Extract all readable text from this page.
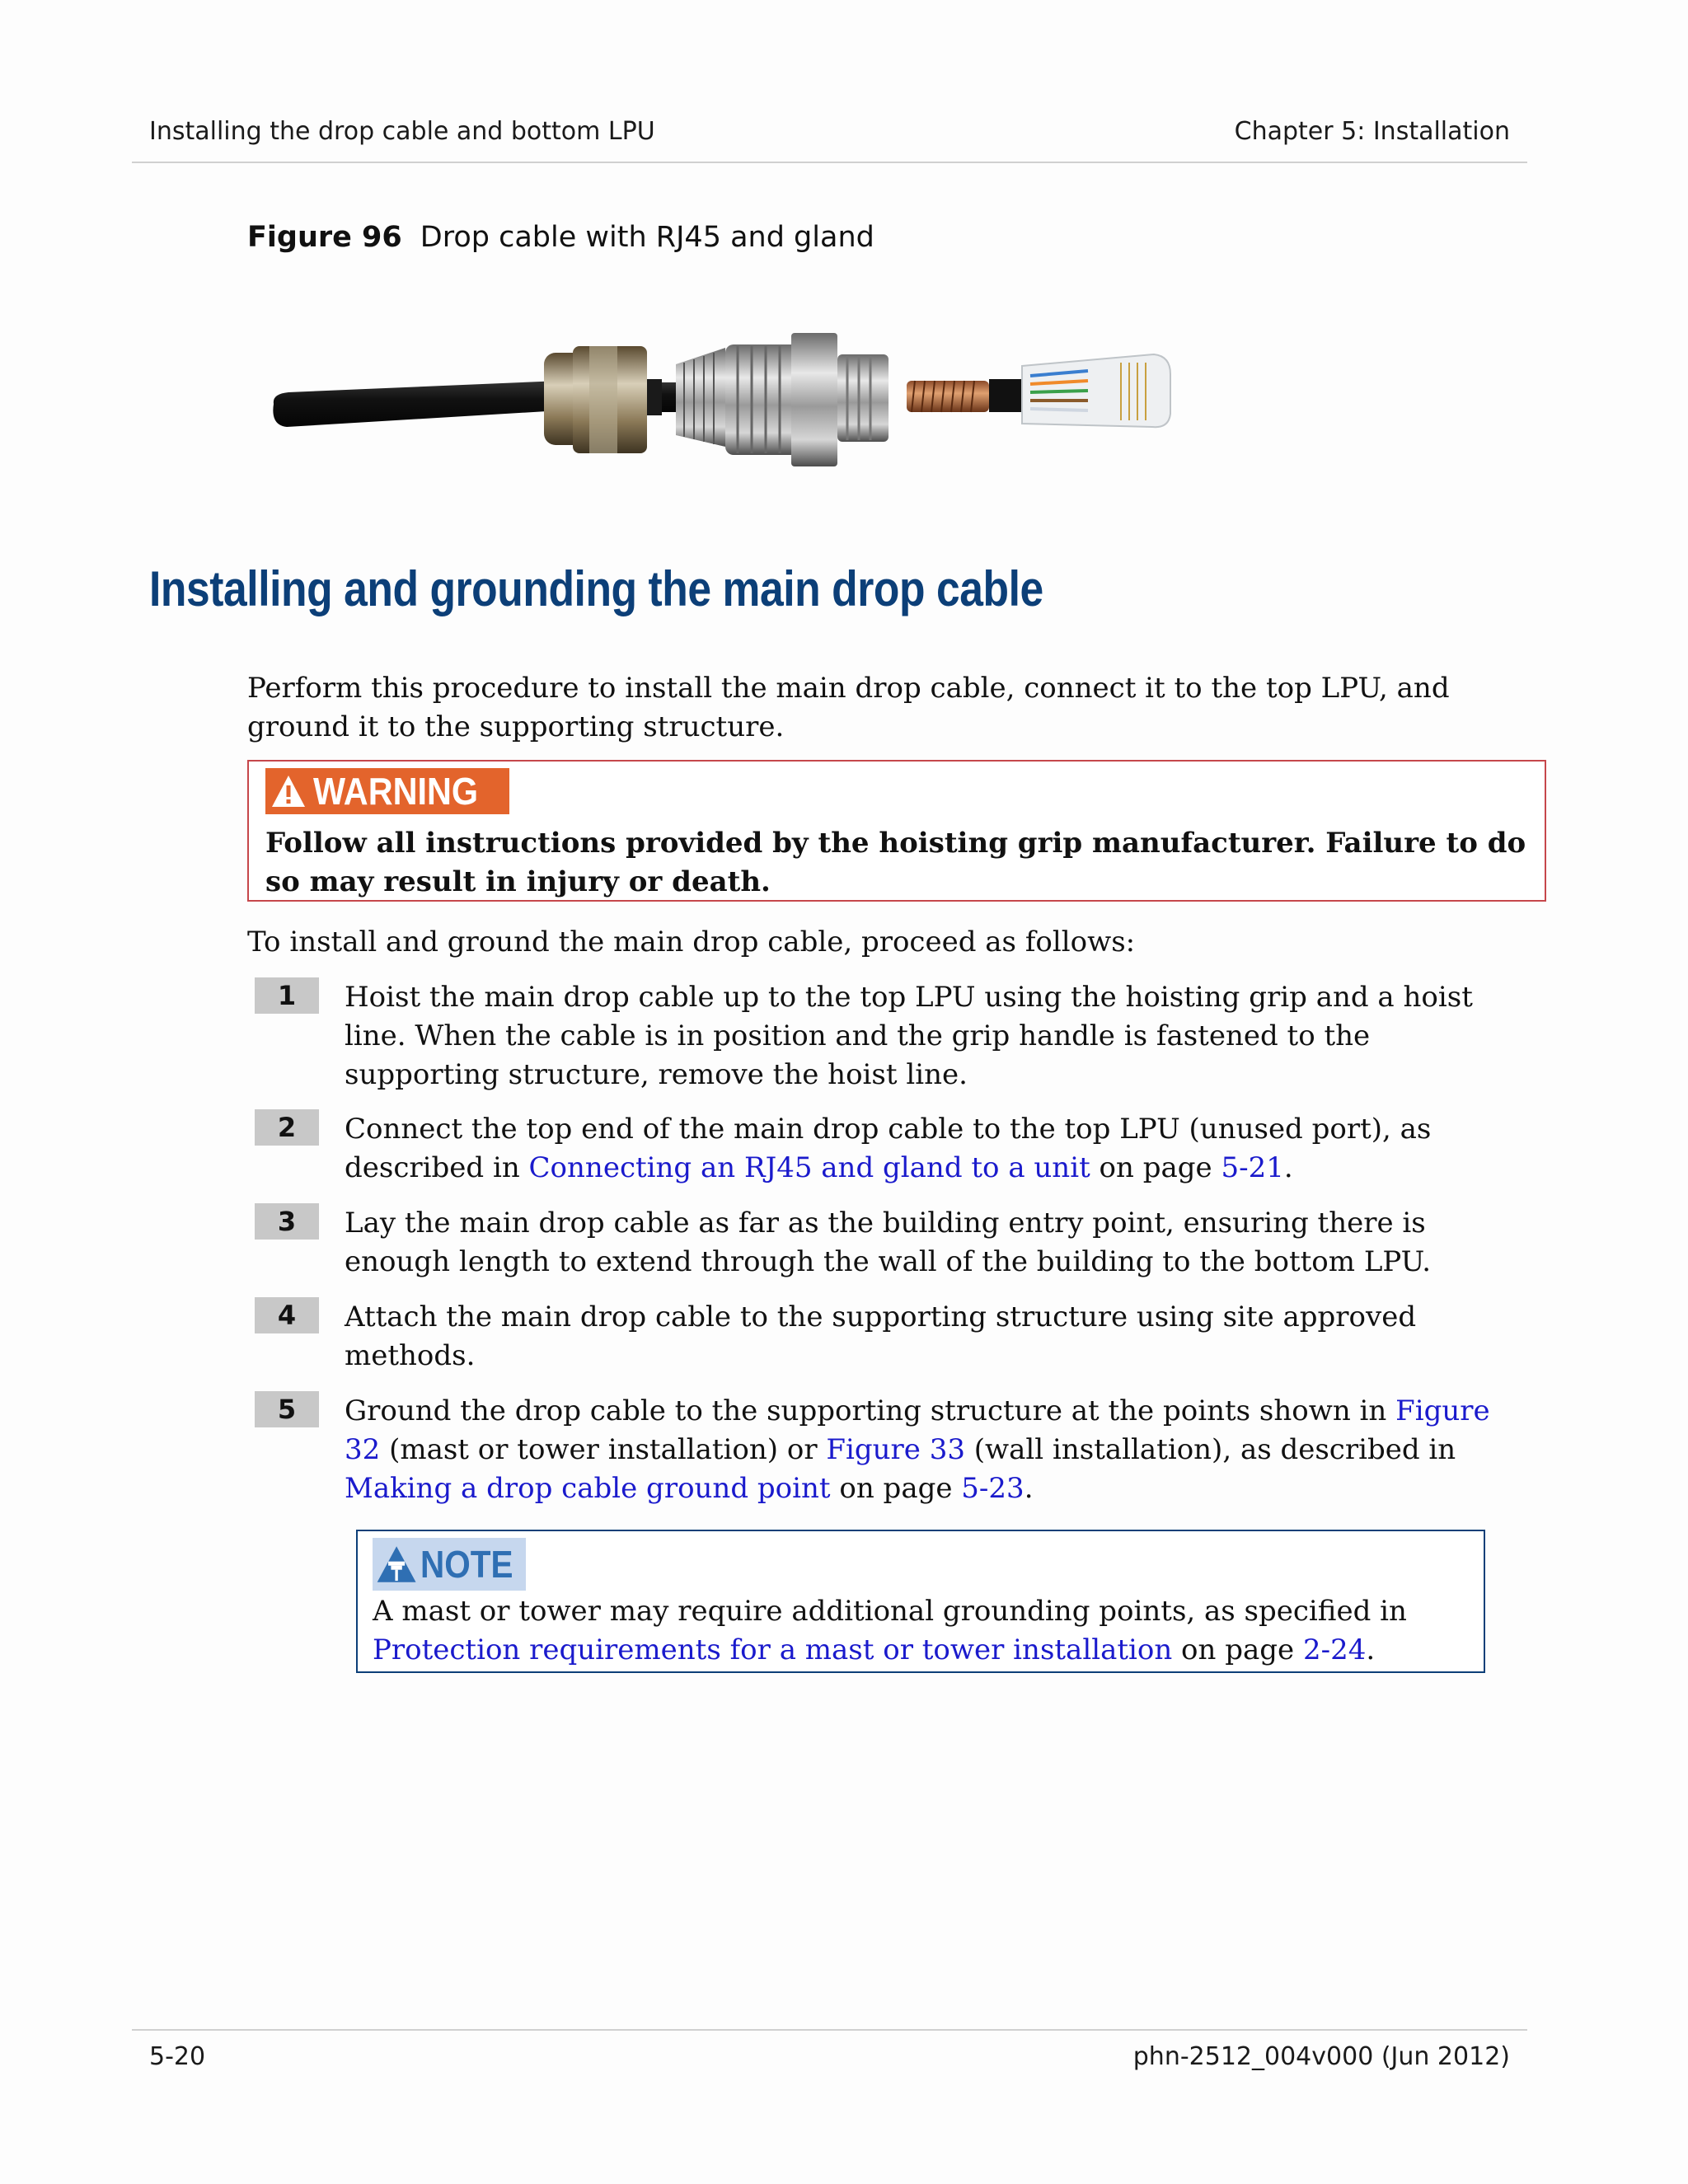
Installing the drop cable and bottom LPU	Chapter 5: Installation
Figure 96 Drop cable with RJ45 and gland
Installing and grounding the main drop cable
Perform this procedure to install the main drop cable, connect it to the top LPU, and ground it to the supporting structure.
WARNING
Follow all instructions provided by the hoisting grip manufacturer. Failure to do so may result in injury or death.
To install and ground the main drop cable, proceed as follows:
1	Hoist the main drop cable up to the top LPU using the hoisting grip and a hoist line. When the cable is in position and the grip handle is fastened to the supporting structure, remove the hoist line.
2	Connect the top end of the main drop cable to the top LPU (unused port), as described in Connecting an RJ45 and gland to a unit on page 5-21.
3	Lay the main drop cable as far as the building entry point, ensuring there is enough length to extend through the wall of the building to the bottom LPU.
4	Attach the main drop cable to the supporting structure using site approved methods.
5	Ground the drop cable to the supporting structure at the points shown in Figure 32 (mast or tower installation) or Figure 33 (wall installation), as described in Making a drop cable ground point on page 5-23.
NOTE
A mast or tower may require additional grounding points, as specified in Protection requirements for a mast or tower installation on page 2-24.
5-20	phn-2512_004v000 (Jun 2012)
